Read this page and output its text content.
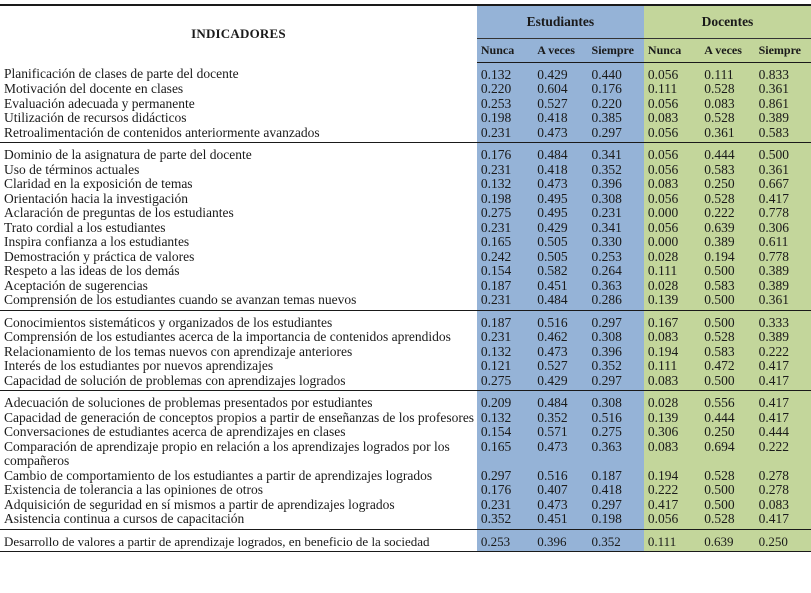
INDICADORES	Estudiantes			Docentes		
	Nunca	A veces	Siempre	Nunca	A veces	Siempre
Planificación de clases de parte del docente	0.132	0.429	0.440	0.056	0.111	0.833
Motivación del docente en clases	0.220	0.604	0.176	0.111	0.528	0.361
Evaluación adecuada y permanente	0.253	0.527	0.220	0.056	0.083	0.861
Utilización de recursos didácticos	0.198	0.418	0.385	0.083	0.528	0.389
Retroalimentación de contenidos anteriormente avanzados	0.231	0.473	0.297	0.056	0.361	0.583
Dominio de la asignatura de parte del docente	0.176	0.484	0.341	0.056	0.444	0.500
Uso de términos actuales	0.231	0.418	0.352	0.056	0.583	0.361
Claridad en la exposición de temas	0.132	0.473	0.396	0.083	0.250	0.667
Orientación hacia la investigación	0.198	0.495	0.308	0.056	0.528	0.417
Aclaración de preguntas de los estudiantes	0.275	0.495	0.231	0.000	0.222	0.778
Trato cordial a los estudiantes	0.231	0.429	0.341	0.056	0.639	0.306
Inspira confianza a los estudiantes	0.165	0.505	0.330	0.000	0.389	0.611
Demostración y práctica de valores	0.242	0.505	0.253	0.028	0.194	0.778
Respeto a las ideas de los demás	0.154	0.582	0.264	0.111	0.500	0.389
Aceptación de sugerencias	0.187	0.451	0.363	0.028	0.583	0.389
Comprensión de los estudiantes cuando se avanzan temas nuevos	0.231	0.484	0.286	0.139	0.500	0.361
Conocimientos sistemáticos y organizados de los estudiantes	0.187	0.516	0.297	0.167	0.500	0.333
Comprensión de los estudiantes acerca de la importancia de contenidos aprendidos	0.231	0.462	0.308	0.083	0.528	0.389
Relacionamiento de los temas nuevos con aprendizaje anteriores	0.132	0.473	0.396	0.194	0.583	0.222
Interés de los estudiantes por nuevos aprendizajes	0.121	0.527	0.352	0.111	0.472	0.417
Capacidad de solución de problemas con aprendizajes logrados	0.275	0.429	0.297	0.083	0.500	0.417
Adecuación de soluciones de problemas presentados por estudiantes	0.209	0.484	0.308	0.028	0.556	0.417
Capacidad de generación de conceptos propios a partir de enseñanzas de los profesores	0.132	0.352	0.516	0.139	0.444	0.417
Conversaciones de estudiantes acerca de aprendizajes en clases	0.154	0.571	0.275	0.306	0.250	0.444
Comparación de aprendizaje propio en relación a los aprendizajes logrados por los compañeros	0.165	0.473	0.363	0.083	0.694	0.222
Cambio de comportamiento de los estudiantes a partir de aprendizajes logrados	0.297	0.516	0.187	0.194	0.528	0.278
Existencia de tolerancia a las opiniones de otros	0.176	0.407	0.418	0.222	0.500	0.278
Adquisición de seguridad en sí mismos a partir de aprendizajes logrados	0.231	0.473	0.297	0.417	0.500	0.083
Asistencia continua a cursos de capacitación	0.352	0.451	0.198	0.056	0.528	0.417
Desarrollo de valores a partir de aprendizaje logrados, en beneficio de la sociedad	0.253	0.396	0.352	0.111	0.639	0.250
